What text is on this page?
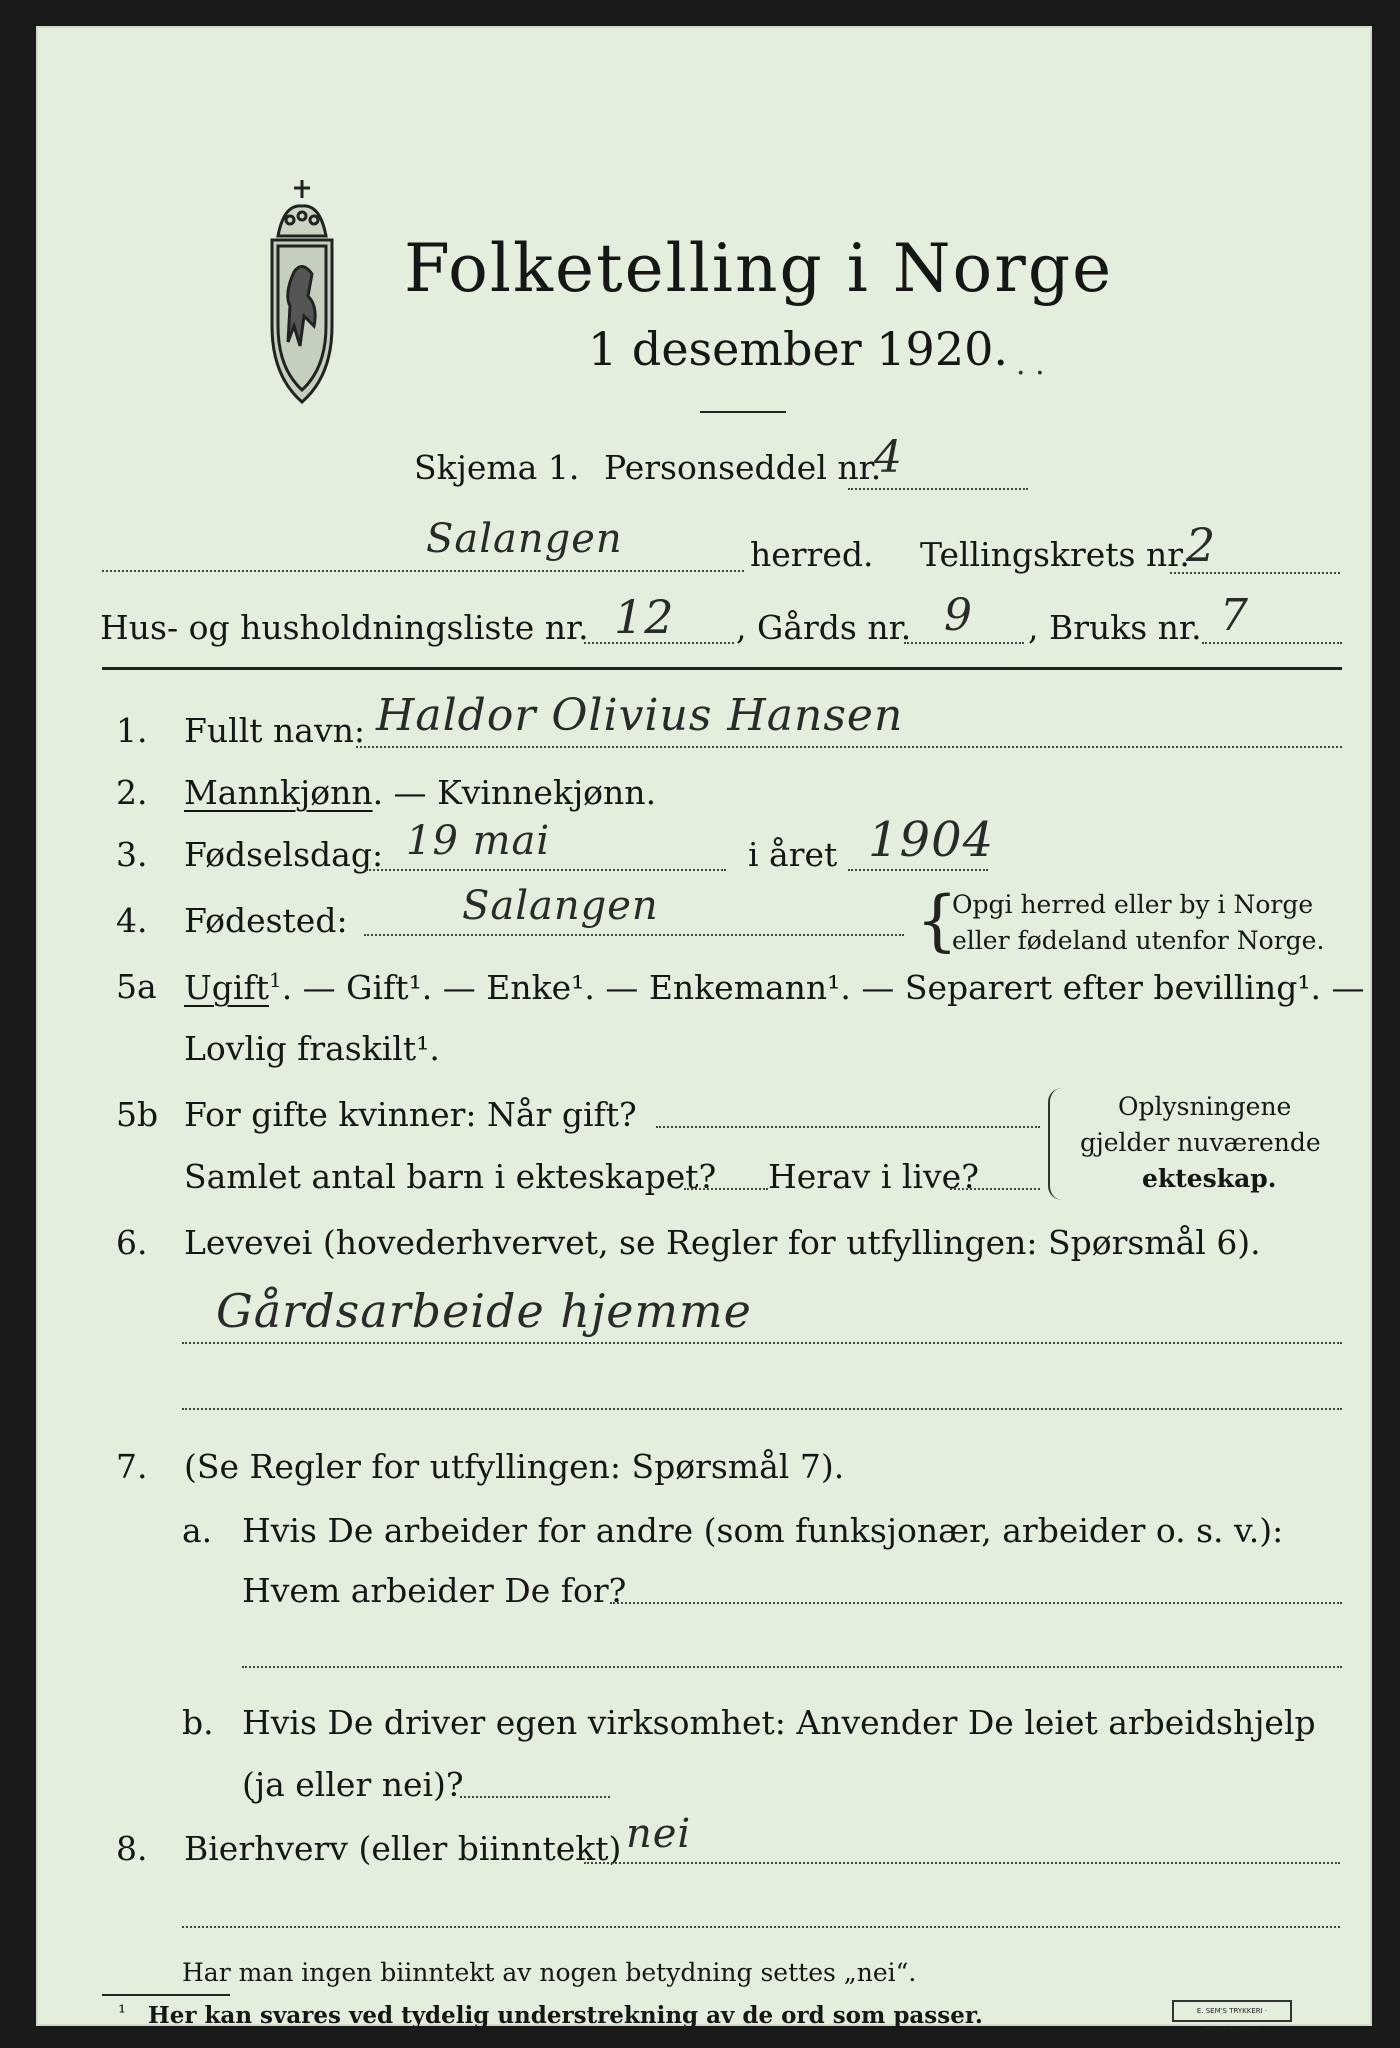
Folketelling i Norge
1 desember 1920. · ·
Skjema 1. Personseddel nr.
4
Salangen	herred. Tellingskrets nr.
2
Hus- og husholdningsliste nr. 12 , Gårds nr. 9 , Bruks nr. 7
1. Fullt navn: Haldor Olivius Hansen
2. Mannkjønn. — Kvinnekjønn.
3. Fødselsdag: 19 mai	i året 1904
4. Fødested:	Salangen	{
Opgi herred eller by i Norge
eller fødeland utenfor Norge.
5a Ugift$^1$. — Gift¹. — Enke¹. — Enkemann¹. — Separert efter bevilling¹. —
Lovlig fraskilt¹.
5b For gifte kvinner: Når gift?
Samlet antal barn i ekteskapet? Herav i live?
Oplysningene
gjelder nuværende
ekteskap.
6. Levevei (hovederhvervet, se Regler for utfyllingen: Spørsmål 6).
Gårdsarbeide hjemme
7. (Se Regler for utfyllingen: Spørsmål 7).
a. Hvis De arbeider for andre (som funksjonær, arbeider o. s. v.):
Hvem arbeider De for?
b. Hvis De driver egen virksomhet: Anvender De leiet arbeidshjelp
(ja eller nei)?
8. Bierhverv (eller biinntekt) nei
Har man ingen biinntekt av nogen betydning settes „nei“.
¹ Her kan svares ved tydelig understrekning av de ord som passer.	E. SEM'S TRYKKERI · FREDRIKSHALD
